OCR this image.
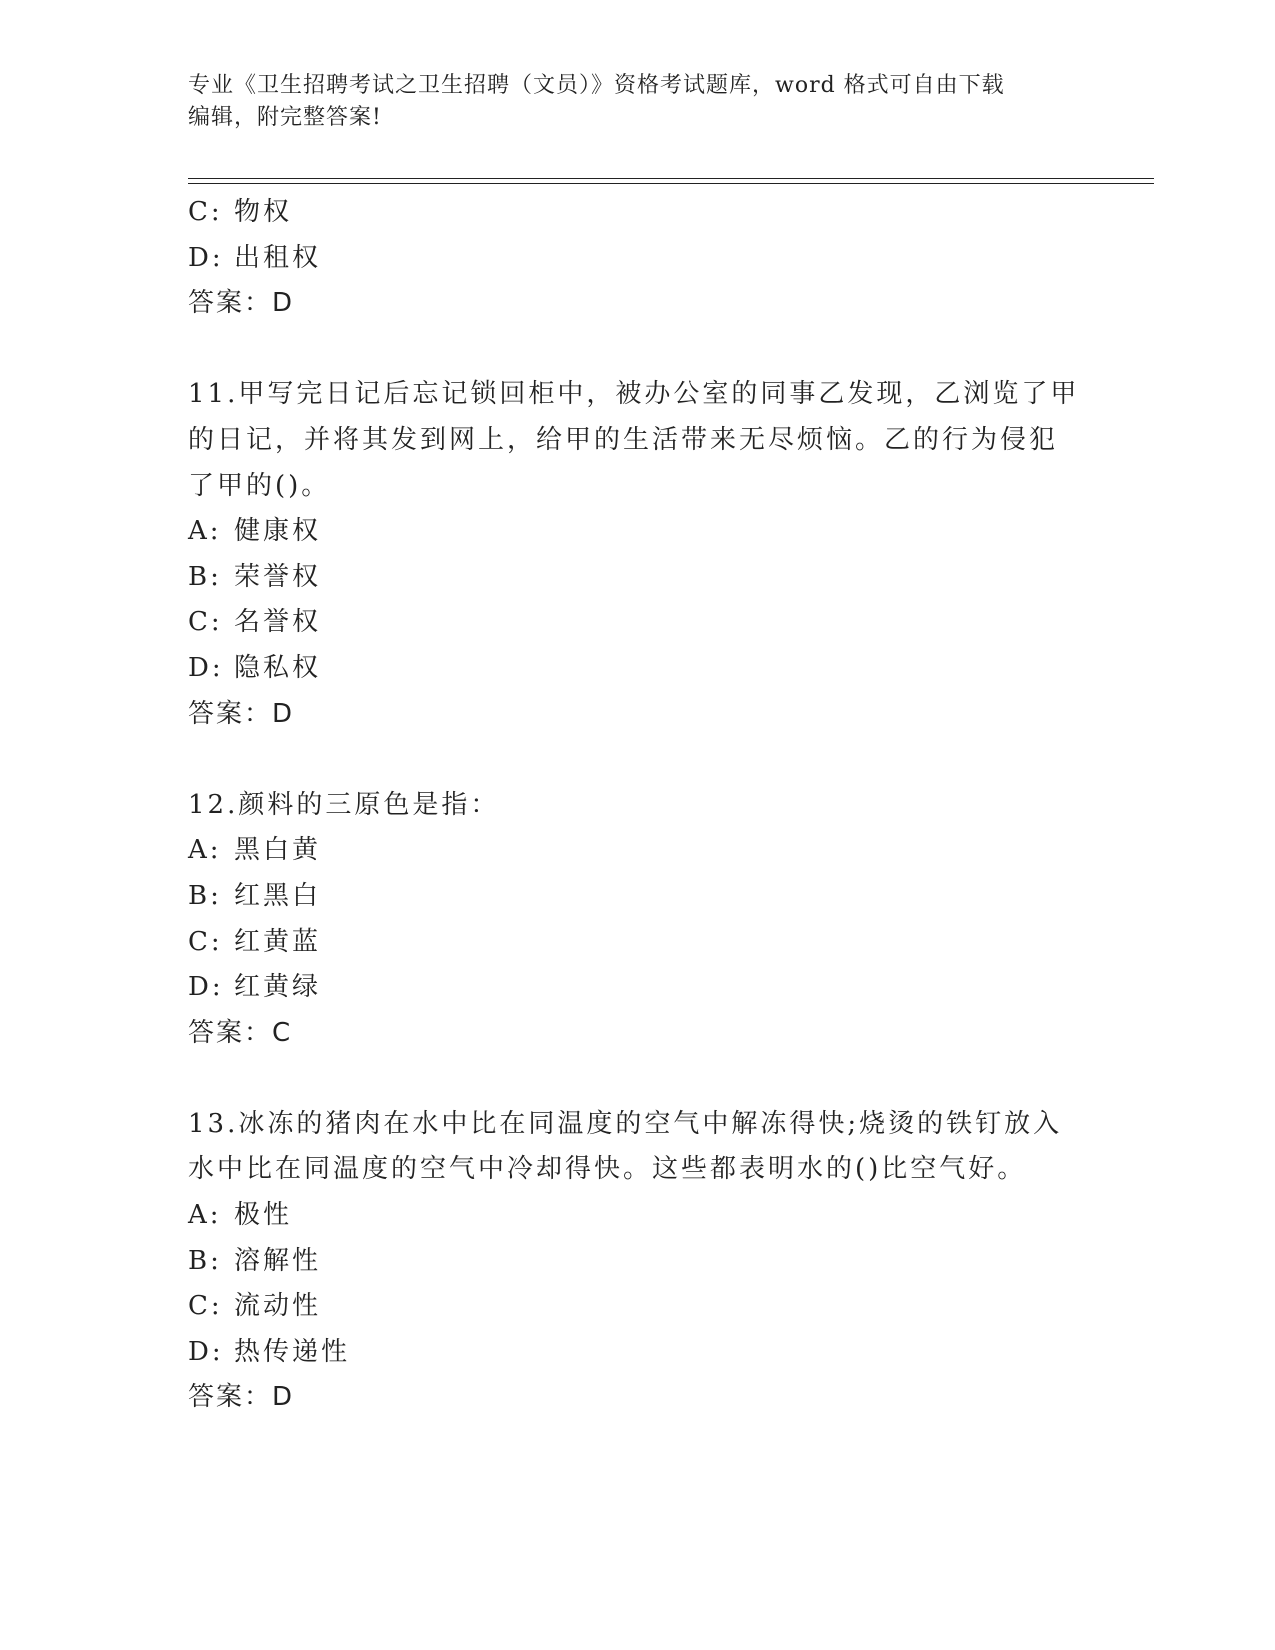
专业《卫生招聘考试之卫生招聘（文员）》资格考试题库，word 格式可自由下载
编辑，附完整答案!
C: 物权
D: 出租权
答案：D
11.甲写完日记后忘记锁回柜中，被办公室的同事乙发现，乙浏览了甲
的日记，并将其发到网上，给甲的生活带来无尽烦恼。乙的行为侵犯
了甲的()。
A: 健康权
B: 荣誉权
C: 名誉权
D: 隐私权
答案：D
12.颜料的三原色是指：
A: 黑白黄
B: 红黑白
C: 红黄蓝
D: 红黄绿
答案：C
13.冰冻的猪肉在水中比在同温度的空气中解冻得快;烧烫的铁钉放入
水中比在同温度的空气中冷却得快。这些都表明水的()比空气好。
A: 极性
B: 溶解性
C: 流动性
D: 热传递性
答案：D
